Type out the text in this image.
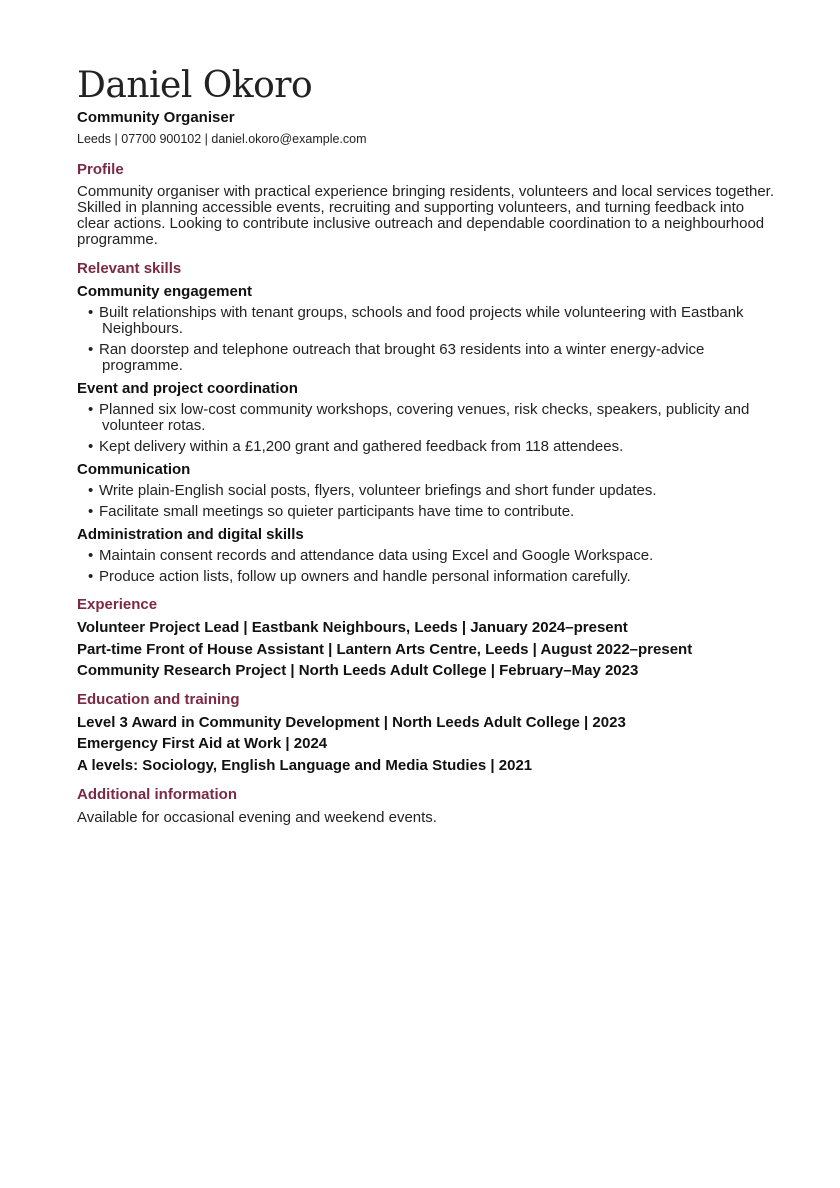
Daniel Okoro
Community Organiser
Leeds | 07700 900102 | daniel.okoro@example.com
Profile

Community organiser with practical experience bringing residents, volunteers and local services together. Skilled in planning accessible events, recruiting and supporting volunteers, and turning feedback into clear actions. Looking to contribute inclusive outreach and dependable coordination to a neighbourhood programme.

Relevant skills
Community engagement
• Built relationships with tenant groups, schools and food projects while volunteering with Eastbank Neighbours.
• Ran doorstep and telephone outreach that brought 63 residents into a winter energy-advice programme.
Event and project coordination
• Planned six low-cost community workshops, covering venues, risk checks, speakers, publicity and volunteer rotas.
• Kept delivery within a £1,200 grant and gathered feedback from 118 attendees.
Communication
• Write plain-English social posts, flyers, volunteer briefings and short funder updates.
• Facilitate small meetings so quieter participants have time to contribute.
Administration and digital skills
• Maintain consent records and attendance data using Excel and Google Workspace.
• Produce action lists, follow up owners and handle personal information carefully.
Experience

Volunteer Project Lead | Eastbank Neighbours, Leeds | January 2024–present

Part-time Front of House Assistant | Lantern Arts Centre, Leeds | August 2022–present

Community Research Project | North Leeds Adult College | February–May 2023

Education and training

Level 3 Award in Community Development | North Leeds Adult College | 2023

Emergency First Aid at Work | 2024

A levels: Sociology, English Language and Media Studies | 2021

Additional information

Available for occasional evening and weekend events.
